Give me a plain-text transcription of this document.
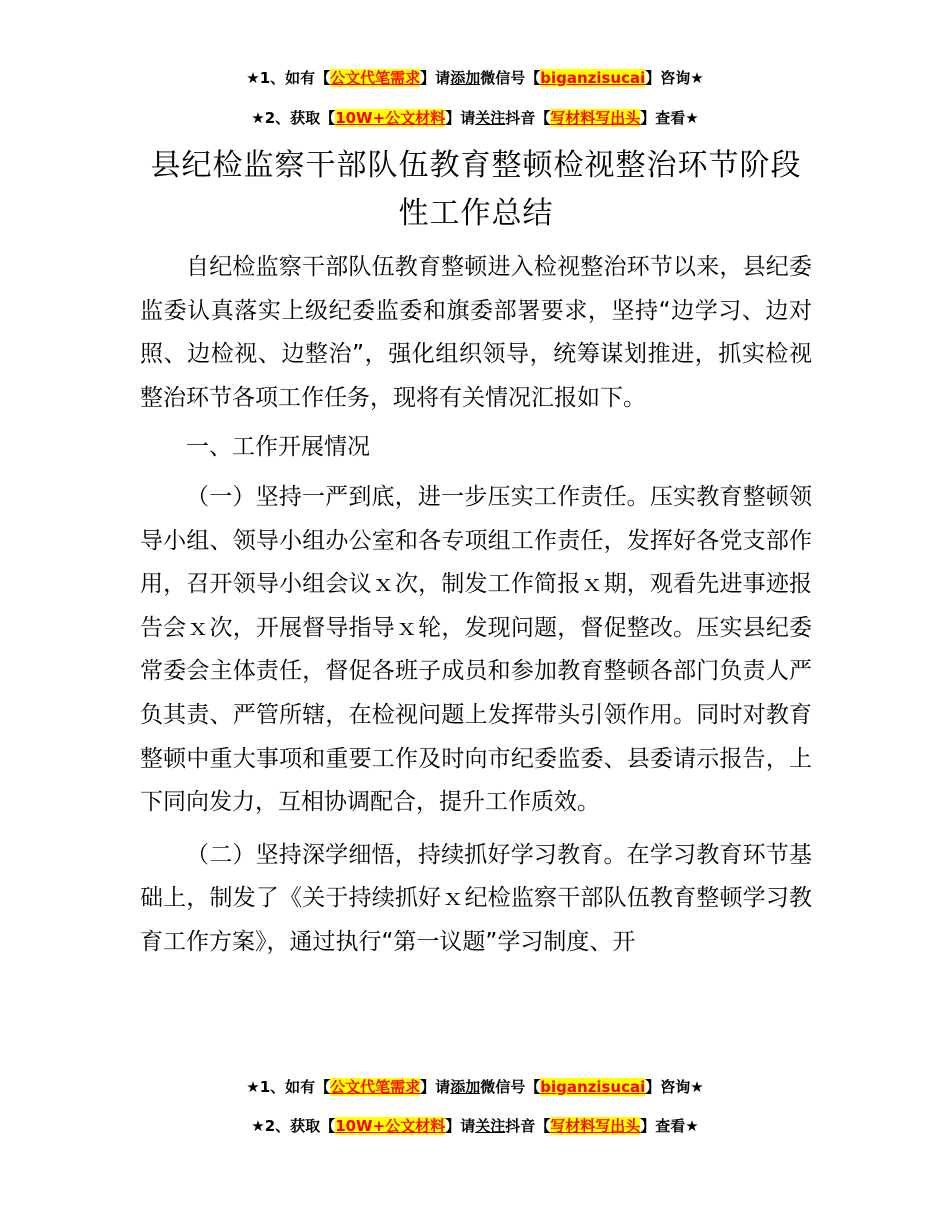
★1、如有【公文代笔需求】请添加微信号【biganzisucai】咨询★
★2、获取【10W+公文材料】请关注抖音【写材料写出头】查看★
县纪检监察干部队伍教育整顿检视整治环节阶段性工作总结

自纪检监察干部队伍教育整顿进入检视整治环节以来，县纪委监委认真落实上级纪委监委和旗委部署要求，坚持“边学习、边对照、边检视、边整治”，强化组织领导，统筹谋划推进，抓实检视整治环节各项工作任务，现将有关情况汇报如下。

一、工作开展情况

（一）坚持一严到底，进一步压实工作责任。压实教育整顿领导小组、领导小组办公室和各专项组工作责任，发挥好各党支部作用，召开领导小组会议ｘ次，制发工作简报ｘ期，观看先进事迹报告会ｘ次，开展督导指导ｘ轮，发现问题，督促整改。压实县纪委常委会主体责任，督促各班子成员和参加教育整顿各部门负责人严负其责、严管所辖，在检视问题上发挥带头引领作用。同时对教育整顿中重大事项和重要工作及时向市纪委监委、县委请示报告，上下同向发力，互相协调配合，提升工作质效。

（二）坚持深学细悟，持续抓好学习教育。在学习教育环节基础上，制发了《关于持续抓好ｘ纪检监察干部队伍教育整顿学习教育工作方案》，通过执行“第一议题”学习制度、开

★1、如有【公文代笔需求】请添加微信号【biganzisucai】咨询★
★2、获取【10W+公文材料】请关注抖音【写材料写出头】查看★
